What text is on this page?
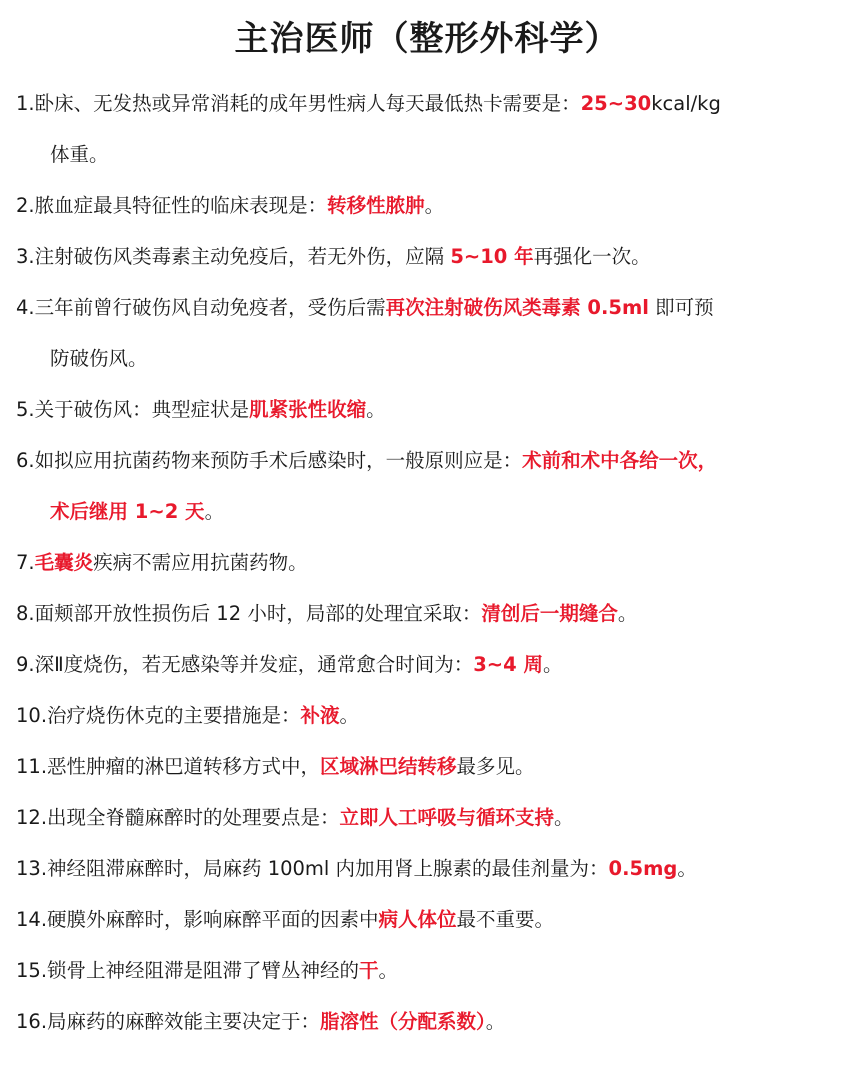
主治医师（整形外科学）
1.卧床、无发热或异常消耗的成年男性病人每天最低热卡需要是：25~30kcal/kg
体重。
2.脓血症最具特征性的临床表现是：转移性脓肿。
3.注射破伤风类毒素主动免疫后，若无外伤，应隔 5~10 年再强化一次。
4.三年前曾行破伤风自动免疫者，受伤后需再次注射破伤风类毒素 0.5ml 即可预
防破伤风。
5.关于破伤风：典型症状是肌紧张性收缩。
6.如拟应用抗菌药物来预防手术后感染时，一般原则应是：术前和术中各给一次，
术后继用 1~2 天。
7.毛囊炎疾病不需应用抗菌药物。
8.面颊部开放性损伤后 12 小时，局部的处理宜采取：清创后一期缝合。
9.深Ⅱ度烧伤，若无感染等并发症，通常愈合时间为：3~4 周。
10.治疗烧伤休克的主要措施是：补液。
11.恶性肿瘤的淋巴道转移方式中，区域淋巴结转移最多见。
12.出现全脊髓麻醉时的处理要点是：立即人工呼吸与循环支持。
13.神经阻滞麻醉时，局麻药 100ml 内加用肾上腺素的最佳剂量为：0.5mg。
14.硬膜外麻醉时，影响麻醉平面的因素中病人体位最不重要。
15.锁骨上神经阻滞是阻滞了臂丛神经的干。
16.局麻药的麻醉效能主要决定于：脂溶性（分配系数）。
